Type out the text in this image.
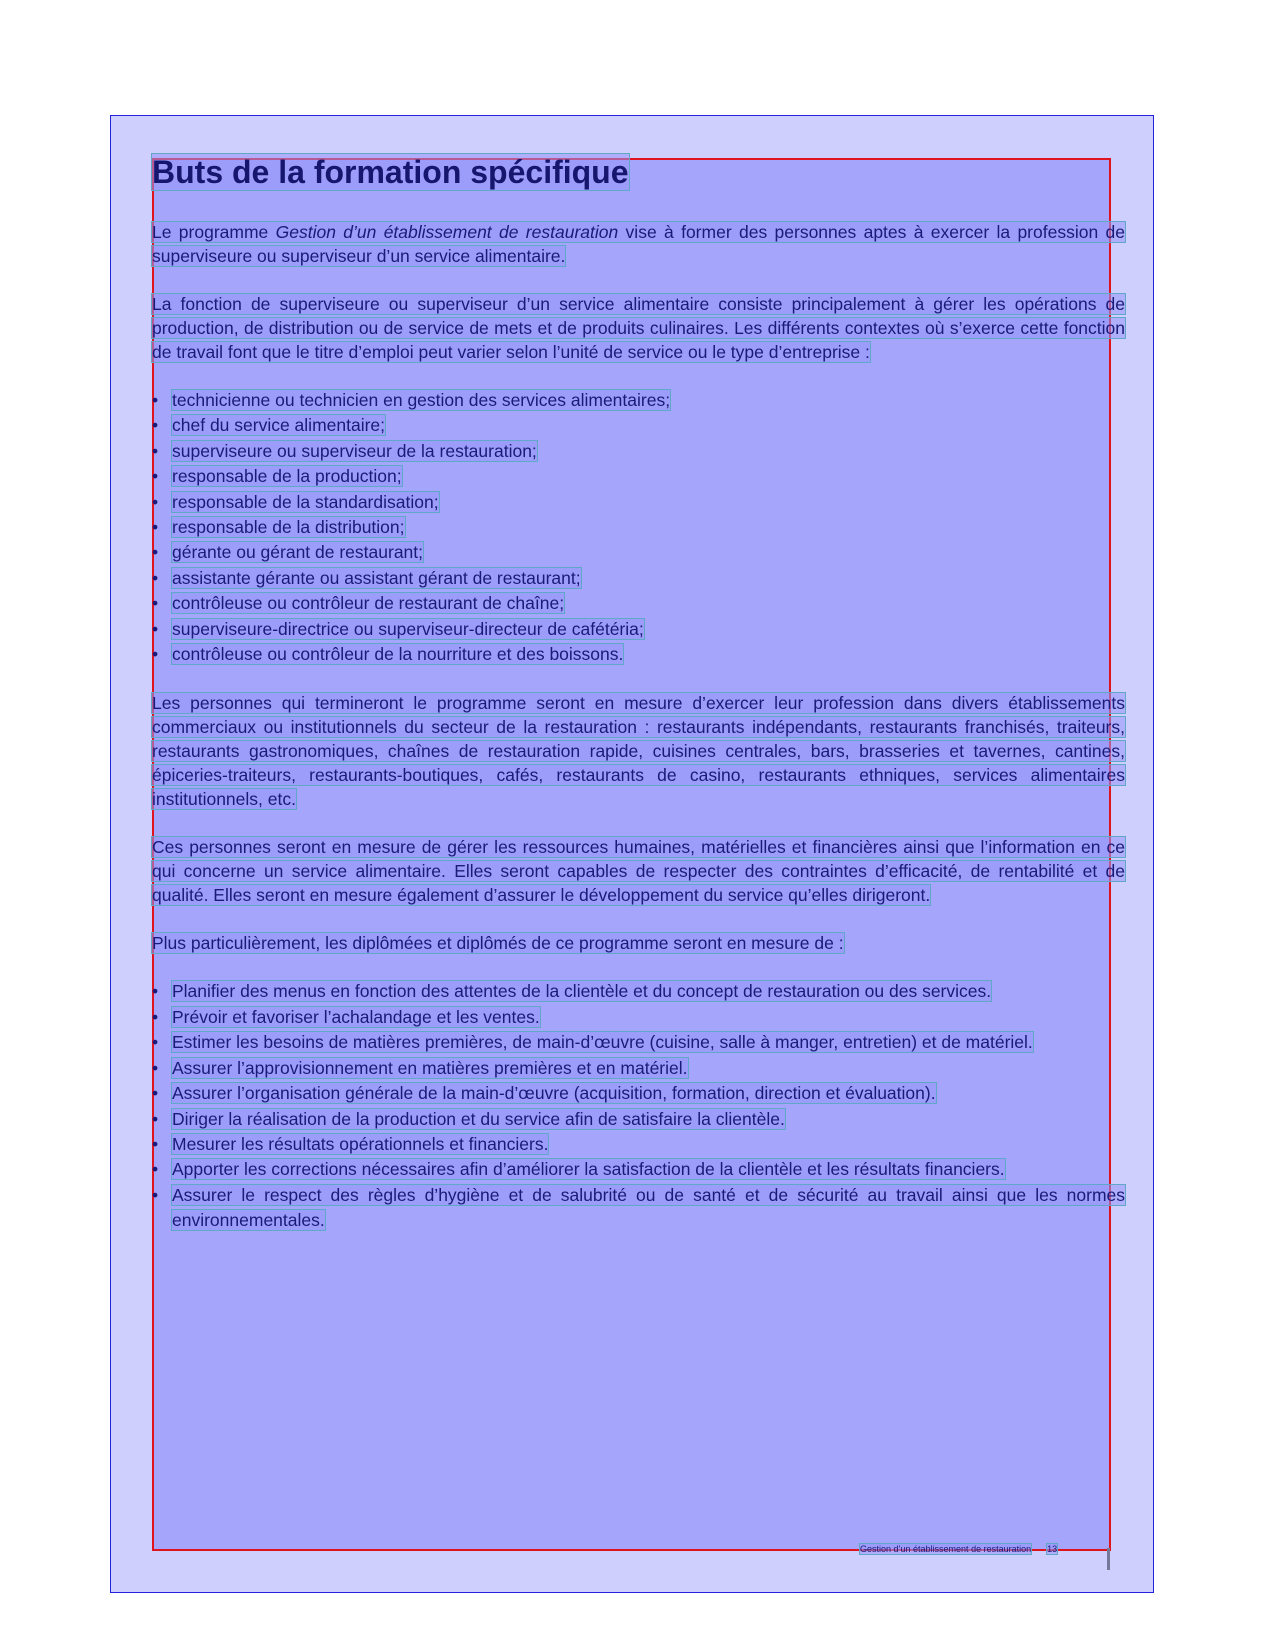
Buts de la formation spécifique

Le programme Gestion d’un établissement de restauration vise à former des personnes aptes à exercer la profession de superviseure ou superviseur d’un service alimentaire.

La fonction de superviseure ou superviseur d’un service alimentaire consiste principalement à gérer les opérations de production, de distribution ou de service de mets et de produits culinaires. Les différents contextes où s’exerce cette fonction de travail font que le titre d’emploi peut varier selon l’unité de service ou le type d’entreprise :

• technicienne ou technicien en gestion des services alimentaires;
• chef du service alimentaire;
• superviseure ou superviseur de la restauration;
• responsable de la production;
• responsable de la standardisation;
• responsable de la distribution;
• gérante ou gérant de restaurant;
• assistante gérante ou assistant gérant de restaurant;
• contrôleuse ou contrôleur de restaurant de chaîne;
• superviseure-directrice ou superviseur-directeur de cafétéria;
• contrôleuse ou contrôleur de la nourriture et des boissons.

Les personnes qui termineront le programme seront en mesure d’exercer leur profession dans divers établissements commerciaux ou institutionnels du secteur de la restauration : restaurants indépendants, restaurants franchisés, traiteurs, restaurants gastronomiques, chaînes de restauration rapide, cuisines centrales, bars, brasseries et tavernes, cantines, épiceries-traiteurs, restaurants-boutiques, cafés, restaurants de casino, restaurants ethniques, services alimentaires institutionnels, etc.

Ces personnes seront en mesure de gérer les ressources humaines, matérielles et financières ainsi que l’information en ce qui concerne un service alimentaire. Elles seront capables de respecter des contraintes d’efficacité, de rentabilité et de qualité. Elles seront en mesure également d’assurer le développement du service qu’elles dirigeront.

Plus particulièrement, les diplômées et diplômés de ce programme seront en mesure de :

• Planifier des menus en fonction des attentes de la clientèle et du concept de restauration ou des services.
• Prévoir et favoriser l’achalandage et les ventes.
• Estimer les besoins de matières premières, de main-d’œuvre (cuisine, salle à manger, entretien) et de matériel.
• Assurer l’approvisionnement en matières premières et en matériel.
• Assurer l’organisation générale de la main-d’œuvre (acquisition, formation, direction et évaluation).
• Diriger la réalisation de la production et du service afin de satisfaire la clientèle.
• Mesurer les résultats opérationnels et financiers.
• Apporter les corrections nécessaires afin d’améliorer la satisfaction de la clientèle et les résultats financiers.
• Assurer le respect des règles d’hygiène et de salubrité ou de santé et de sécurité au travail ainsi que les normes environnementales.
Gestion d’un établissement de restauration 13
